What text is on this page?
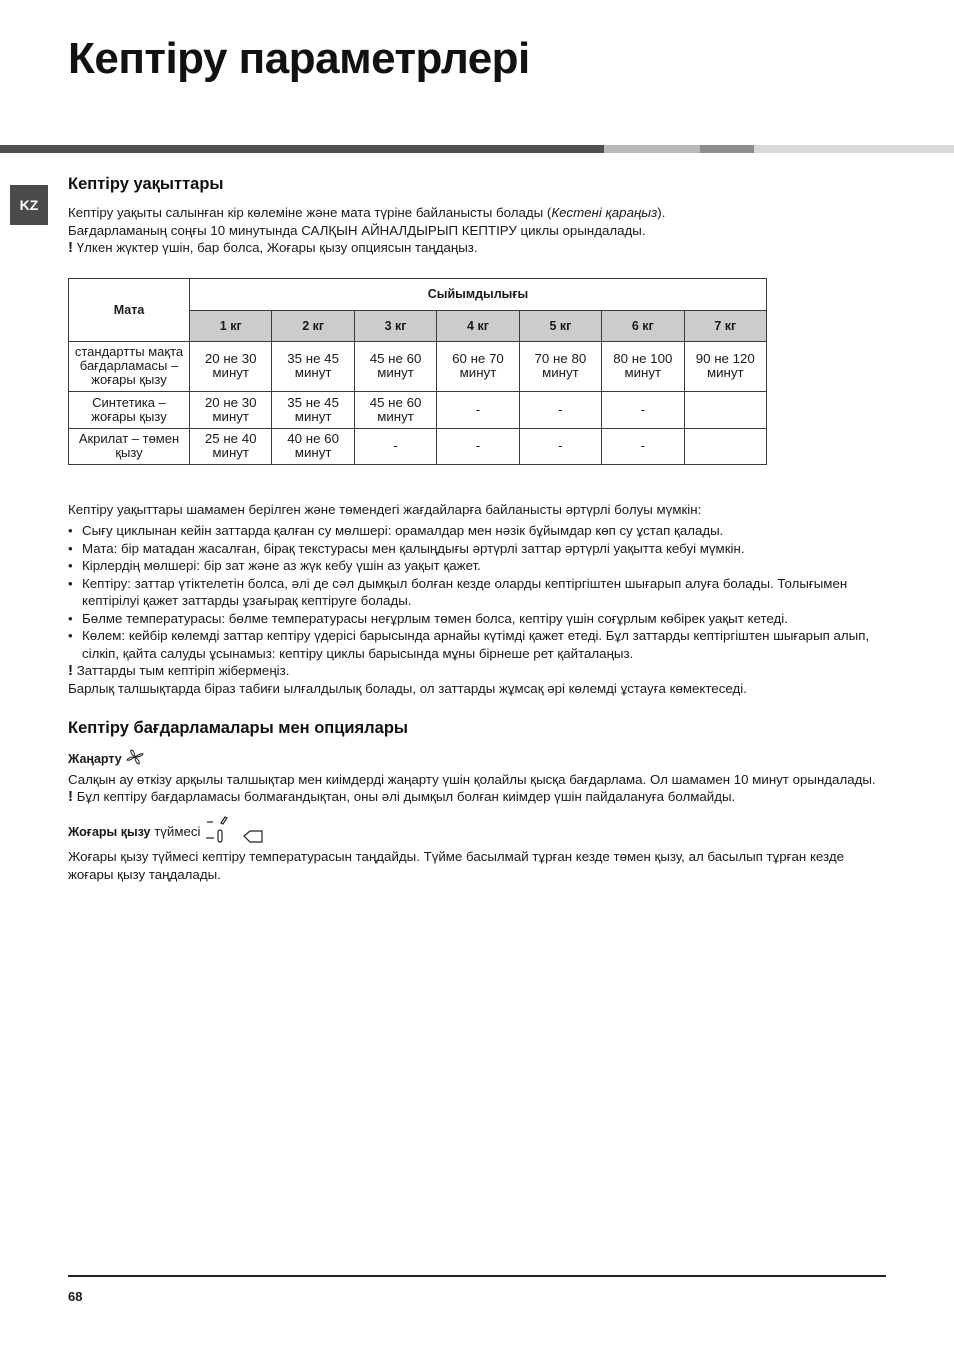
Кептіру параметрлері
KZ
Кептіру уақыттары

Кептіру уақыты салынған кір көлеміне және мата түріне байланысты болады (Кестені қараңыз).

Бағдарламаның соңғы 10 минутында САЛҚЫН АЙНАЛДЫРЫП КЕПТІРУ циклы орындалады.

! Үлкен жүктер үшін, бар болса, Жоғары қызу опциясын таңдаңыз.

Мата	Сыйымдылығы						
	1 кг	2 кг	3 кг	4 кг	5 кг	6 кг	7 кг
стандартты мақта бағдарламасы – жоғары қызу	20 не 30 минут	35 не 45 минут	45 не 60 минут	60 не 70 минут	70 не 80 минут	80 не 100 минут	90 не 120 минут
Синтетика – жоғары қызу	20 не 30 минут	35 не 45 минут	45 не 60 минут	-	-	-	
Акрилат – төмен қызу	25 не 40 минут	40 не 60 минут	-	-	-	-	

Кептіру уақыттары шамамен берілген және төмендегі жағдайларға байланысты әртүрлі болуы мүмкін:

• Сығу циклынан кейін заттарда қалған су мөлшері: орамалдар мен нәзік бұйымдар көп су ұстап қалады.
• Мата: бір матадан жасалған, бірақ текстурасы мен қалыңдығы әртүрлі заттар әртүрлі уақытта кебуі мүмкін.
• Кірлердің мөлшері: бір зат және аз жүк кебу үшін аз уақыт қажет.
• Кептіру: заттар үтіктелетін болса, әлі де сәл дымқыл болған кезде оларды кептіргіштен шығарып алуға болады. Толығымен кептірілуі қажет заттарды ұзағырақ кептіруге болады.
• Бөлме температурасы: бөлме температурасы неғұрлым төмен болса, кептіру үшін соғұрлым көбірек уақыт кетеді.
• Көлем: кейбір көлемді заттар кептіру үдерісі барысында арнайы күтімді қажет етеді. Бұл заттарды кептіргіштен шығарып алып, сілкіп, қайта салуды ұсынамыз: кептіру циклы барысында мұны бірнеше рет қайталаңыз.

! Заттарды тым кептіріп жібермеңіз.

Барлық талшықтарда біраз табиғи ылғалдылық болады, ол заттарды жұмсақ әрі көлемді ұстауға көмектеседі.

Кептіру бағдарламалары мен опциялары

Жаңарту

Салқын ау өткізу арқылы талшықтар мен киімдерді жаңарту үшін қолайлы қысқа бағдарлама. Ол шамамен 10 минут орындалады.

! Бұл кептіру бағдарламасы болмағандықтан, оны әлі дымқыл болған киімдер үшін пайдалануға болмайды.

Жоғары қызу түймесі

Жоғары қызу түймесі кептіру температурасын таңдайды. Түйме басылмай тұрған кезде төмен қызу, ал басылып тұрған кезде жоғары қызу таңдалады.

68
